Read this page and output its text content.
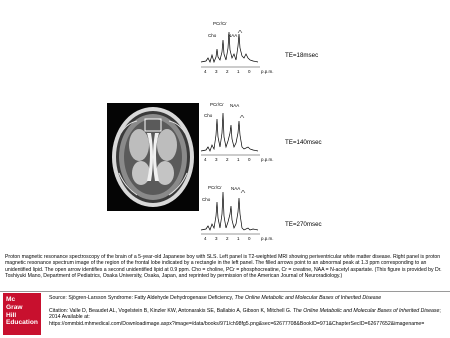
PCr/Cr
Cho	NAA
4 3 2 1 0 p.p.m.
TE=18msec
PCr/Cr
Cho
NAA
4 3 2 1 0 p.p.m.
TE=140msec
PCr/Cr
Cho
NAA
4 3 2 1 0 p.p.m.
TE=270msec

Proton magnetic resonance spectroscopy of the brain of a 5-year-old Japanese boy with SLS. Left panel is T2-weighted MRI showing periventricular white matter disease. Right panel is proton magnetic resonance spectrum image of the region of the frontal lobe indicated by a rectangle in the left panel. The filled arrows point to an abnormal peak at 1.3 ppm corresponding to an unidentified lipid. The open arrow identifies a second unidentified lipid at 0.9 ppm. Cho = choline, PCr = phosphocreatine, Cr = creatine, NAA = N-acetyl aspartate. (This figure is provided by Dr. Toshiyuki Mano, Department of Pediatrics, Osaka University, Osaka, Japan, and reprinted by permission of the American Journal of Neuroradiology.)

Mc
Graw
Hill
Education
Source: Sjögren-Larsson Syndrome: Fatty Aldehyde Dehydrogenase Deficiency, The Online Metabolic and Molecular Bases of Inherited Disease
Citation: Valle D, Beaudet AL, Vogelstein B, Kinzler KW, Antonarakis SE, Ballabio A, Gibson K, Mitchell G. The Online Metabolic and Molecular Bases of Inherited Disease; 2014 Available at:
https://ommbid.mhmedical.com/Downloadimage.aspx?image=/data/books/971/ch98fg5.png&sec=62677708&BookID=971&ChapterSecID=62677652&imagename=
